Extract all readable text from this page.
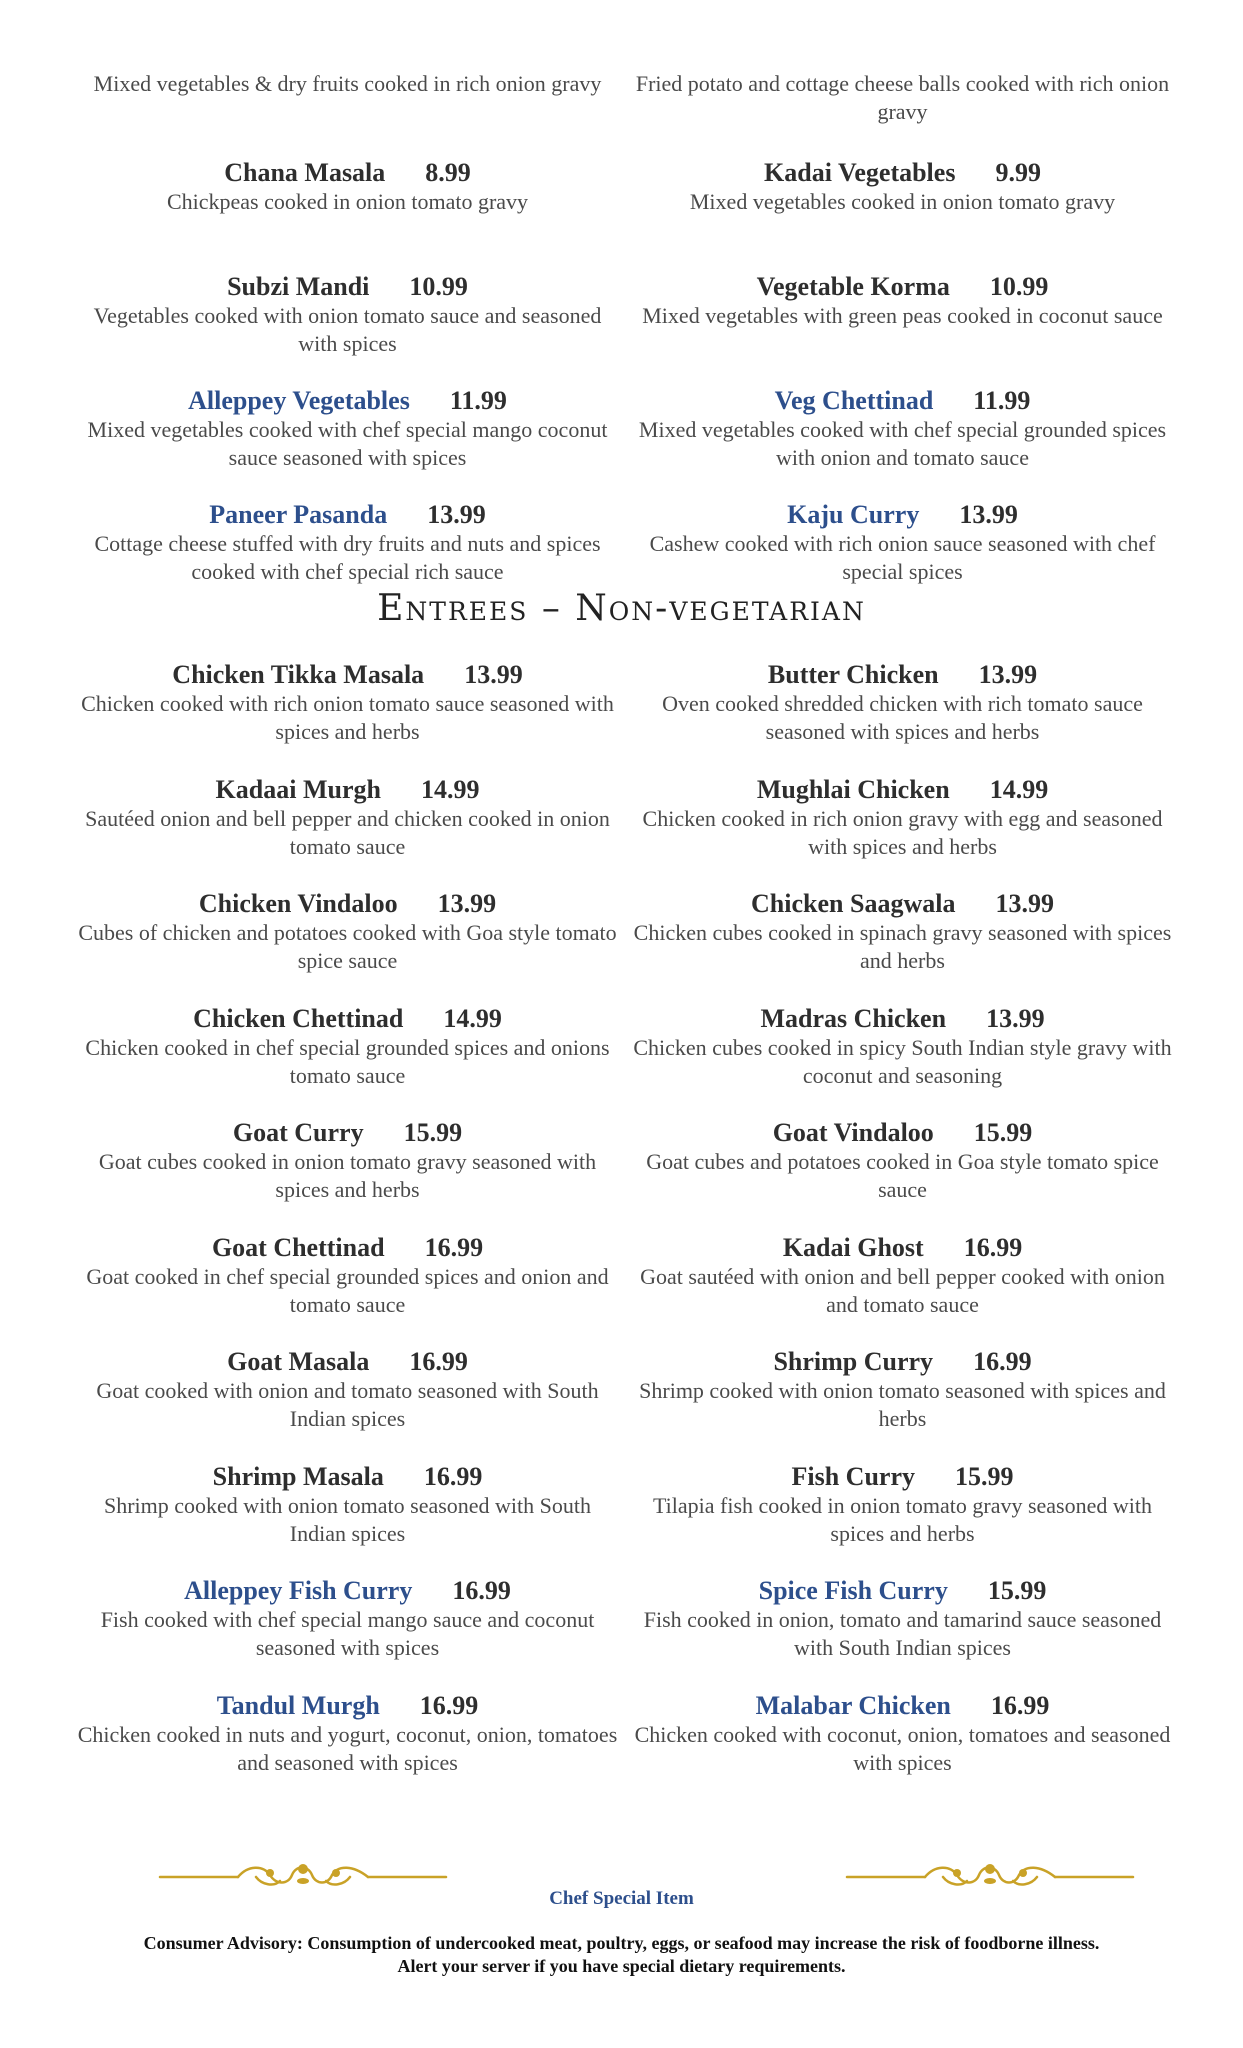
Mixed vegetables & dry fruits cooked in rich onion gravy	Fried potato and cottage cheese balls cooked with rich onion gravy
Chana Masala 8.99
Chickpeas cooked in onion tomato gravy
Kadai Vegetables 9.99
Mixed vegetables cooked in onion tomato gravy
Subzi Mandi 10.99
Vegetables cooked with onion tomato sauce and seasoned with spices
Vegetable Korma 10.99
Mixed vegetables with green peas cooked in coconut sauce
Alleppey Vegetables 11.99
Mixed vegetables cooked with chef special mango coconut sauce seasoned with spices
Veg Chettinad 11.99
Mixed vegetables cooked with chef special grounded spices with onion and tomato sauce
Paneer Pasanda 13.99
Cottage cheese stuffed with dry fruits and nuts and spices cooked with chef special rich sauce
Kaju Curry 13.99
Cashew cooked with rich onion sauce seasoned with chef special spices
Entrees – Non-vegetarian
Chicken Tikka Masala 13.99
Chicken cooked with rich onion tomato sauce seasoned with spices and herbs
Butter Chicken 13.99
Oven cooked shredded chicken with rich tomato sauce seasoned with spices and herbs
Kadaai Murgh 14.99
Sautéed onion and bell pepper and chicken cooked in onion tomato sauce
Mughlai Chicken 14.99
Chicken cooked in rich onion gravy with egg and seasoned with spices and herbs
Chicken Vindaloo 13.99
Cubes of chicken and potatoes cooked with Goa style tomato spice sauce
Chicken Saagwala 13.99
Chicken cubes cooked in spinach gravy seasoned with spices and herbs
Chicken Chettinad 14.99
Chicken cooked in chef special grounded spices and onions tomato sauce
Madras Chicken 13.99
Chicken cubes cooked in spicy South Indian style gravy with coconut and seasoning
Goat Curry 15.99
Goat cubes cooked in onion tomato gravy seasoned with spices and herbs
Goat Vindaloo 15.99
Goat cubes and potatoes cooked in Goa style tomato spice sauce
Goat Chettinad 16.99
Goat cooked in chef special grounded spices and onion and tomato sauce
Kadai Ghost 16.99
Goat sautéed with onion and bell pepper cooked with onion and tomato sauce
Goat Masala 16.99
Goat cooked with onion and tomato seasoned with South Indian spices
Shrimp Curry 16.99
Shrimp cooked with onion tomato seasoned with spices and herbs
Shrimp Masala 16.99
Shrimp cooked with onion tomato seasoned with South Indian spices
Fish Curry 15.99
Tilapia fish cooked in onion tomato gravy seasoned with spices and herbs
Alleppey Fish Curry 16.99
Fish cooked with chef special mango sauce and coconut seasoned with spices
Spice Fish Curry 15.99
Fish cooked in onion, tomato and tamarind sauce seasoned with South Indian spices
Tandul Murgh 16.99
Chicken cooked in nuts and yogurt, coconut, onion, tomatoes and seasoned with spices
Malabar Chicken 16.99
Chicken cooked with coconut, onion, tomatoes and seasoned with spices
Chef Special Item
Consumer Advisory: Consumption of undercooked meat, poultry, eggs, or seafood may increase the risk of foodborne illness.
Alert your server if you have special dietary requirements.
